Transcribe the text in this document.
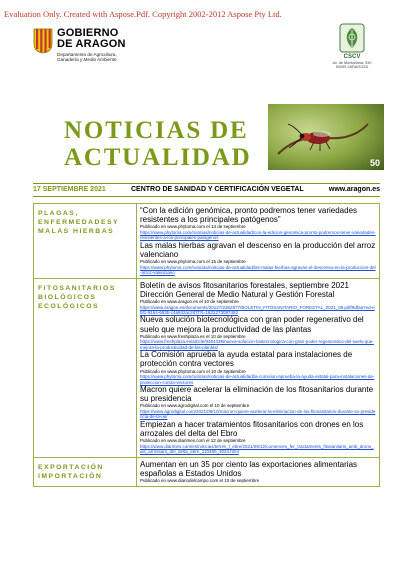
Evaluation Only. Created with Aspose.Pdf. Copyright 2002-2012 Aspose Pty Ltd.
GOBIERNO
DE ARAGON
Departamento de Agricultura,
Ganadería y Medio Ambiente	CSCV
Av. de Montañana, 930
50059 ZARAGOZA
NOTICIAS DE
ACTUALIDAD	50
17 SEPTIEMBRE 2021	CENTRO DE SANIDAD Y CERTIFICACIÓN VEGETAL	www.aragon.es
PLAGAS,
ENFERMEDADESY
MALAS HIERBAS
“Con la edición genómica, pronto podremos tener variedades resistentes a los principales patógenos”
Publicado en www.phytoma.com el 14 de septiembre
https://www.phytoma.com/noticias/noticias-de-actualidad/con-la-edicion-genomica-pronto-podremos-tener-variedades-resistentes-a-los-principales-patogenos
Las malas hierbas agravan el descenso en la producción del arroz valenciano
Publicado en www.phytoma.com el 15 de septiembre
https://www.phytoma.com/noticias/noticias-de-actualidad/las-malas-hierbas-agravan-el-descenso-en-la-produccion-del-arroz-valenciano
FITOSANITARIOS
BIOLÓGICOS
ECOLÓGICOS
Boletín de avisos fitosanitarios forestales, septiembre 2021 Dirección General de Medio Natural y Gestión Forestal
Publicado en www.aragon.es el 10 de septiembre
https://www.aragon.es/documents/20127/2362877/BOLETIN_FITOSANITARIO_FORESTAL_2021_09.pdf/9dfaa7ed-ebf1-9164-653b-c4a842ac2d7f?t=1631273097482
Nueva solución biotecnológica con gran poder regenerativo del suelo que mejora la productividad de las plantas
Publicado en www.freshplaza.es el 10 de septiembre
https://www.freshplaza.es/article/9354339/nueva-solucion-biotecnologica-con-gran-poder-regenerativo-del-suelo-que-mejora-la-productividad-de-las-plantas/
La Comisión aprueba la ayuda estatal para instalaciones de protección contra vectores
Publicado en www.phytoma.com el 10 de septiembre
https://www.phytoma.com/noticias/noticias-de-actualidad/la-comision-aprueba-la-ayuda-estatal-para-instalaciones-de-proteccion-contra-vectores
Macron quiere acelerar la eliminación de los fitosanitarios durante su presidencia
Publicado en www.agrodigital.com el 10 de septiembre
https://www.agrodigital.com/2021/09/10/macron-quiere-acelerar-la-eliminacion-de-los-fitosanitarios-durante-su-presidencia-de-la-ue/
Empiezan a hacer tratamientos fitosanitarios con drones en los arrozales del delta del Ebro
Publicado en www.diarimes.com el 12 de septiembre
https://www.diarimes.com/es/noticias/terres_l_ebre/2021/09/12/comencen_fer_tractaments_fitosanitaris_amb_drons_als_arrossars_del_delta_ebre_110490_3024.html
EXPORTACIÓN
IMPORTACIÓN
Aumentan en un 35 por ciento las exportaciones alimentarias españolas a Estados Unidos
Publicado en www.diariodelcampo.com el 10 de septiembre
